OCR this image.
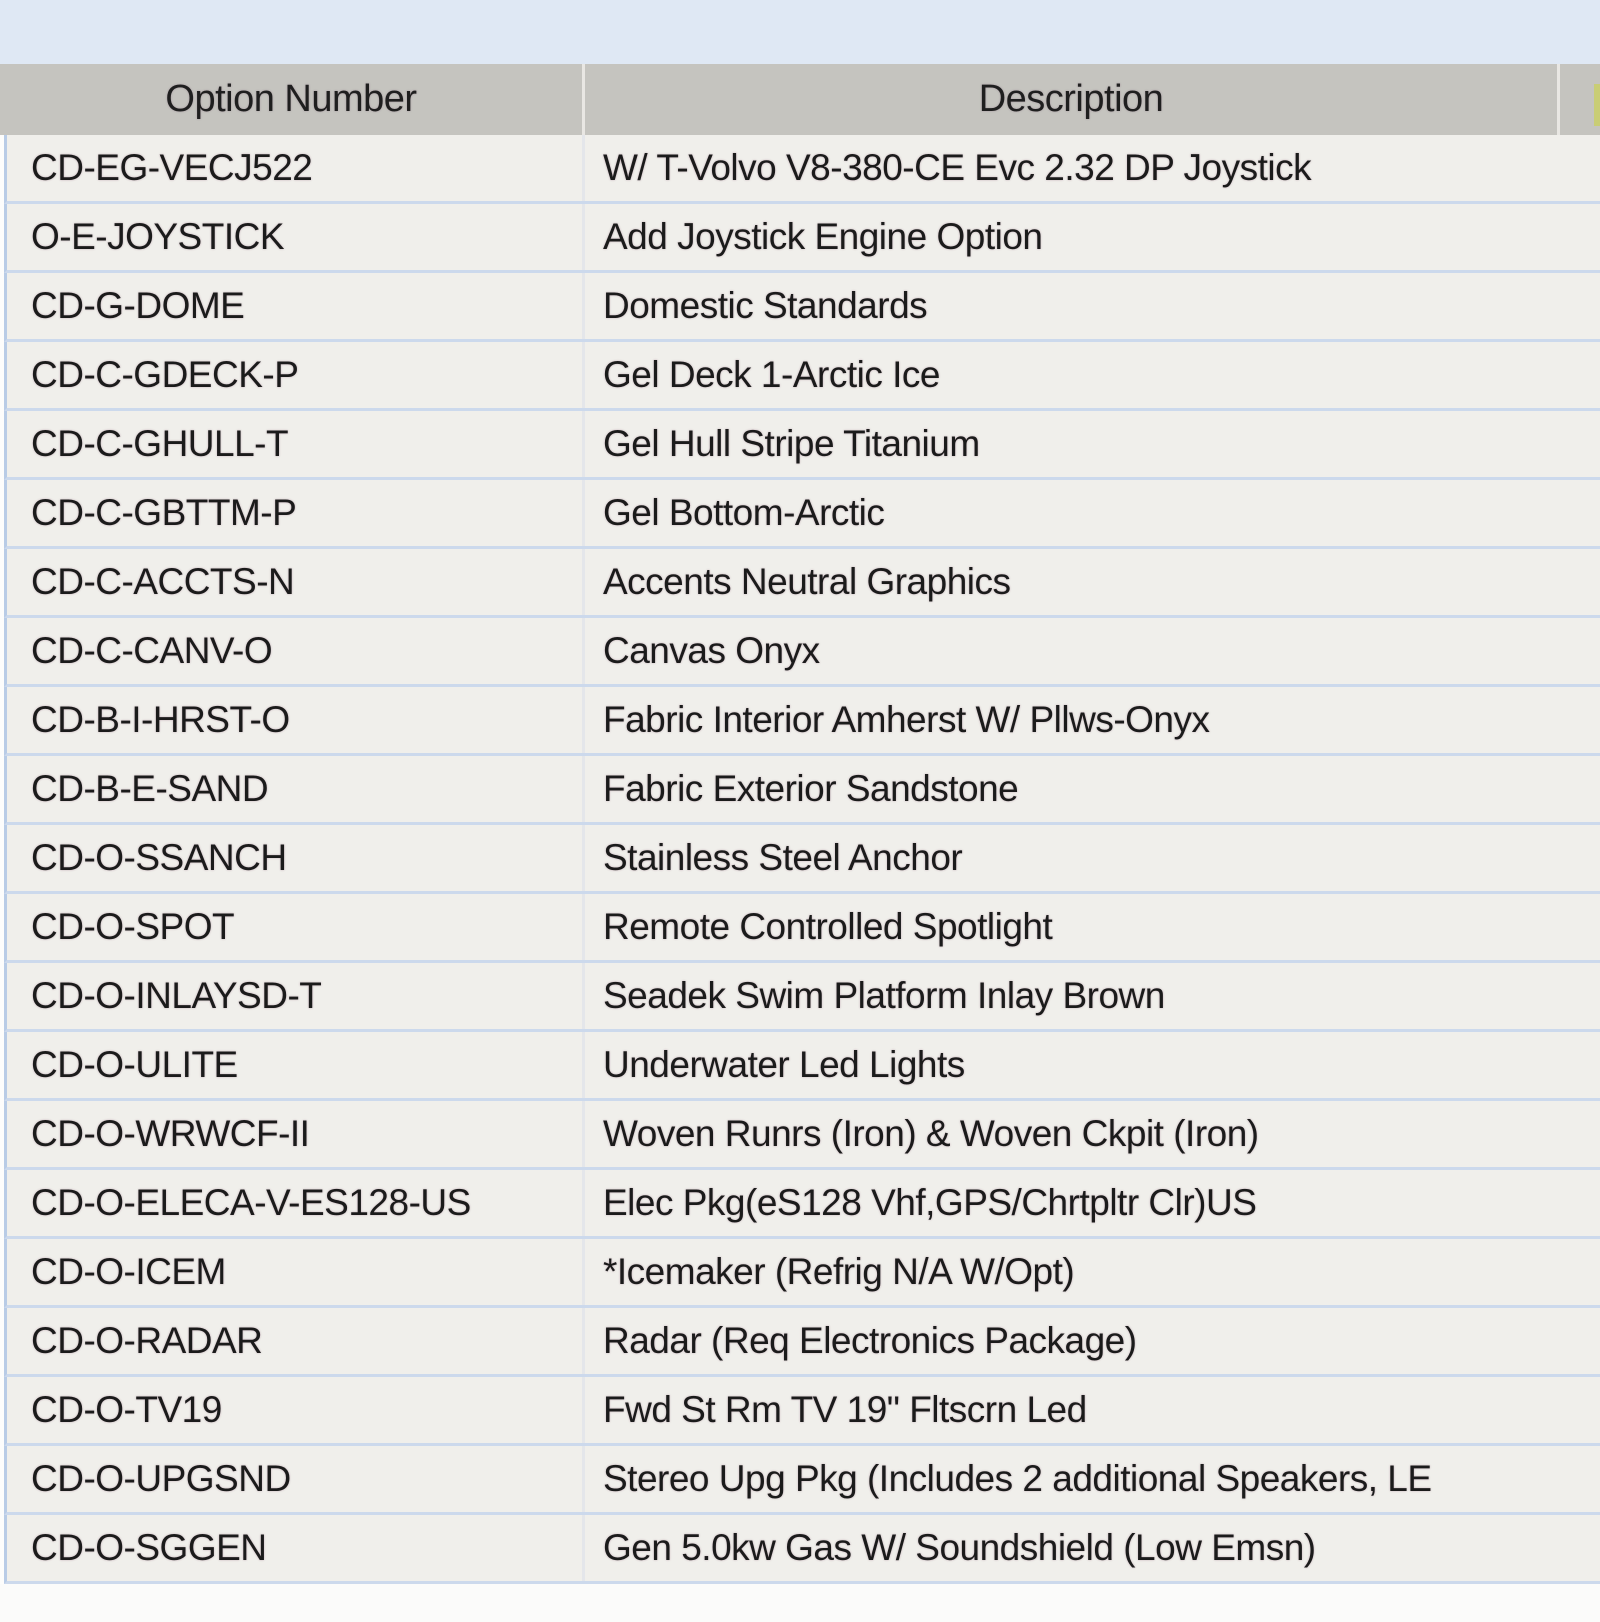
Option Number	Description
CD-EG-VECJ522	W/ T-Volvo V8-380-CE Evc 2.32 DP Joystick
O-E-JOYSTICK	Add Joystick Engine Option
CD-G-DOME	Domestic Standards
CD-C-GDECK-P	Gel Deck 1-Arctic Ice
CD-C-GHULL-T	Gel Hull Stripe Titanium
CD-C-GBTTM-P	Gel Bottom-Arctic
CD-C-ACCTS-N	Accents Neutral Graphics
CD-C-CANV-O	Canvas Onyx
CD-B-I-HRST-O	Fabric Interior Amherst W/ Pllws-Onyx
CD-B-E-SAND	Fabric Exterior Sandstone
CD-O-SSANCH	Stainless Steel Anchor
CD-O-SPOT	Remote Controlled Spotlight
CD-O-INLAYSD-T	Seadek Swim Platform Inlay Brown
CD-O-ULITE	Underwater Led Lights
CD-O-WRWCF-II	Woven Runrs (Iron) & Woven Ckpit (Iron)
CD-O-ELECA-V-ES128-US	Elec Pkg(eS128 Vhf,GPS/Chrtpltr Clr)US
CD-O-ICEM	*Icemaker (Refrig N/A W/Opt)
CD-O-RADAR	Radar (Req Electronics Package)
CD-O-TV19	Fwd St Rm TV 19" Fltscrn Led
CD-O-UPGSND	Stereo Upg Pkg (Includes 2 additional Speakers, LE
CD-O-SGGEN	Gen 5.0kw Gas W/ Soundshield (Low Emsn)
